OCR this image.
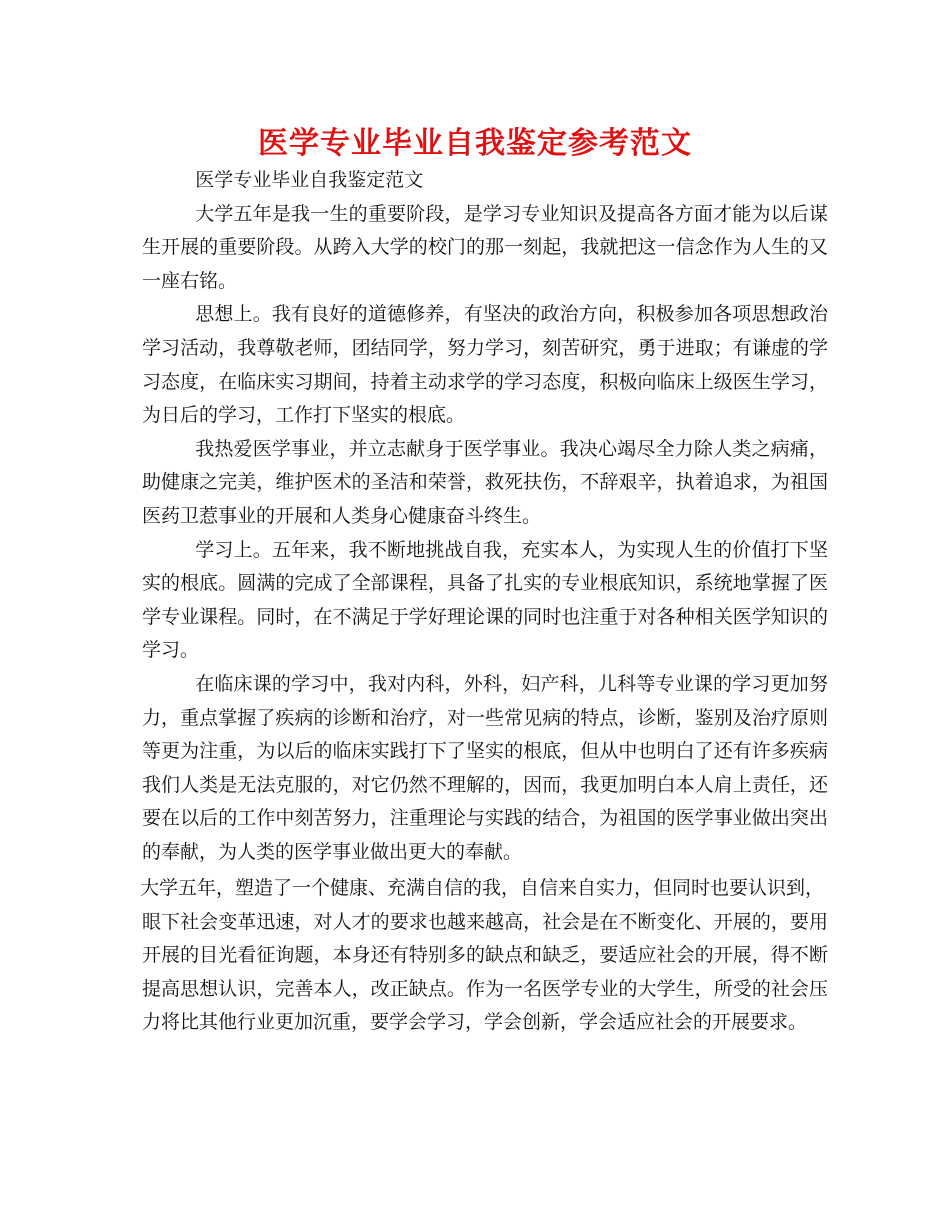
医学专业毕业自我鉴定参考范文

医学专业毕业自我鉴定范文

大学五年是我一生的重要阶段，是学习专业知识及提高各方面才能为以后谋生开展的重要阶段。从跨入大学的校门的那一刻起，我就把这一信念作为人生的又一座右铭。

思想上。我有良好的道德修养，有坚决的政治方向，积极参加各项思想政治学习活动，我尊敬老师，团结同学，努力学习，刻苦研究，勇于进取；有谦虚的学习态度，在临床实习期间，持着主动求学的学习态度，积极向临床上级医生学习，为日后的学习，工作打下坚实的根底。

我热爱医学事业，并立志献身于医学事业。我决心竭尽全力除人类之病痛，助健康之完美，维护医术的圣洁和荣誉，救死扶伤，不辞艰辛，执着追求，为祖国医药卫惹事业的开展和人类身心健康奋斗终生。

学习上。五年来，我不断地挑战自我，充实本人，为实现人生的价值打下坚实的根底。圆满的完成了全部课程，具备了扎实的专业根底知识，系统地掌握了医学专业课程。同时，在不满足于学好理论课的同时也注重于对各种相关医学知识的学习。

在临床课的学习中，我对内科，外科，妇产科，儿科等专业课的学习更加努力，重点掌握了疾病的诊断和治疗，对一些常见病的特点，诊断，鉴别及治疗原则等更为注重，为以后的临床实践打下了坚实的根底，但从中也明白了还有许多疾病我们人类是无法克服的，对它仍然不理解的，因而，我更加明白本人肩上责任，还要在以后的工作中刻苦努力，注重理论与实践的结合，为祖国的医学事业做出突出的奉献，为人类的医学事业做出更大的奉献。

大学五年，塑造了一个健康、充满自信的我，自信来自实力，但同时也要认识到，

眼下社会变革迅速，对人才的要求也越来越高，社会是在不断变化、开展的，要用开展的目光看征询题，本身还有特别多的缺点和缺乏，要适应社会的开展，得不断提高思想认识，完善本人，改正缺点。作为一名医学专业的大学生，所受的社会压力将比其他行业更加沉重，要学会学习，学会创新，学会适应社会的开展要求。
